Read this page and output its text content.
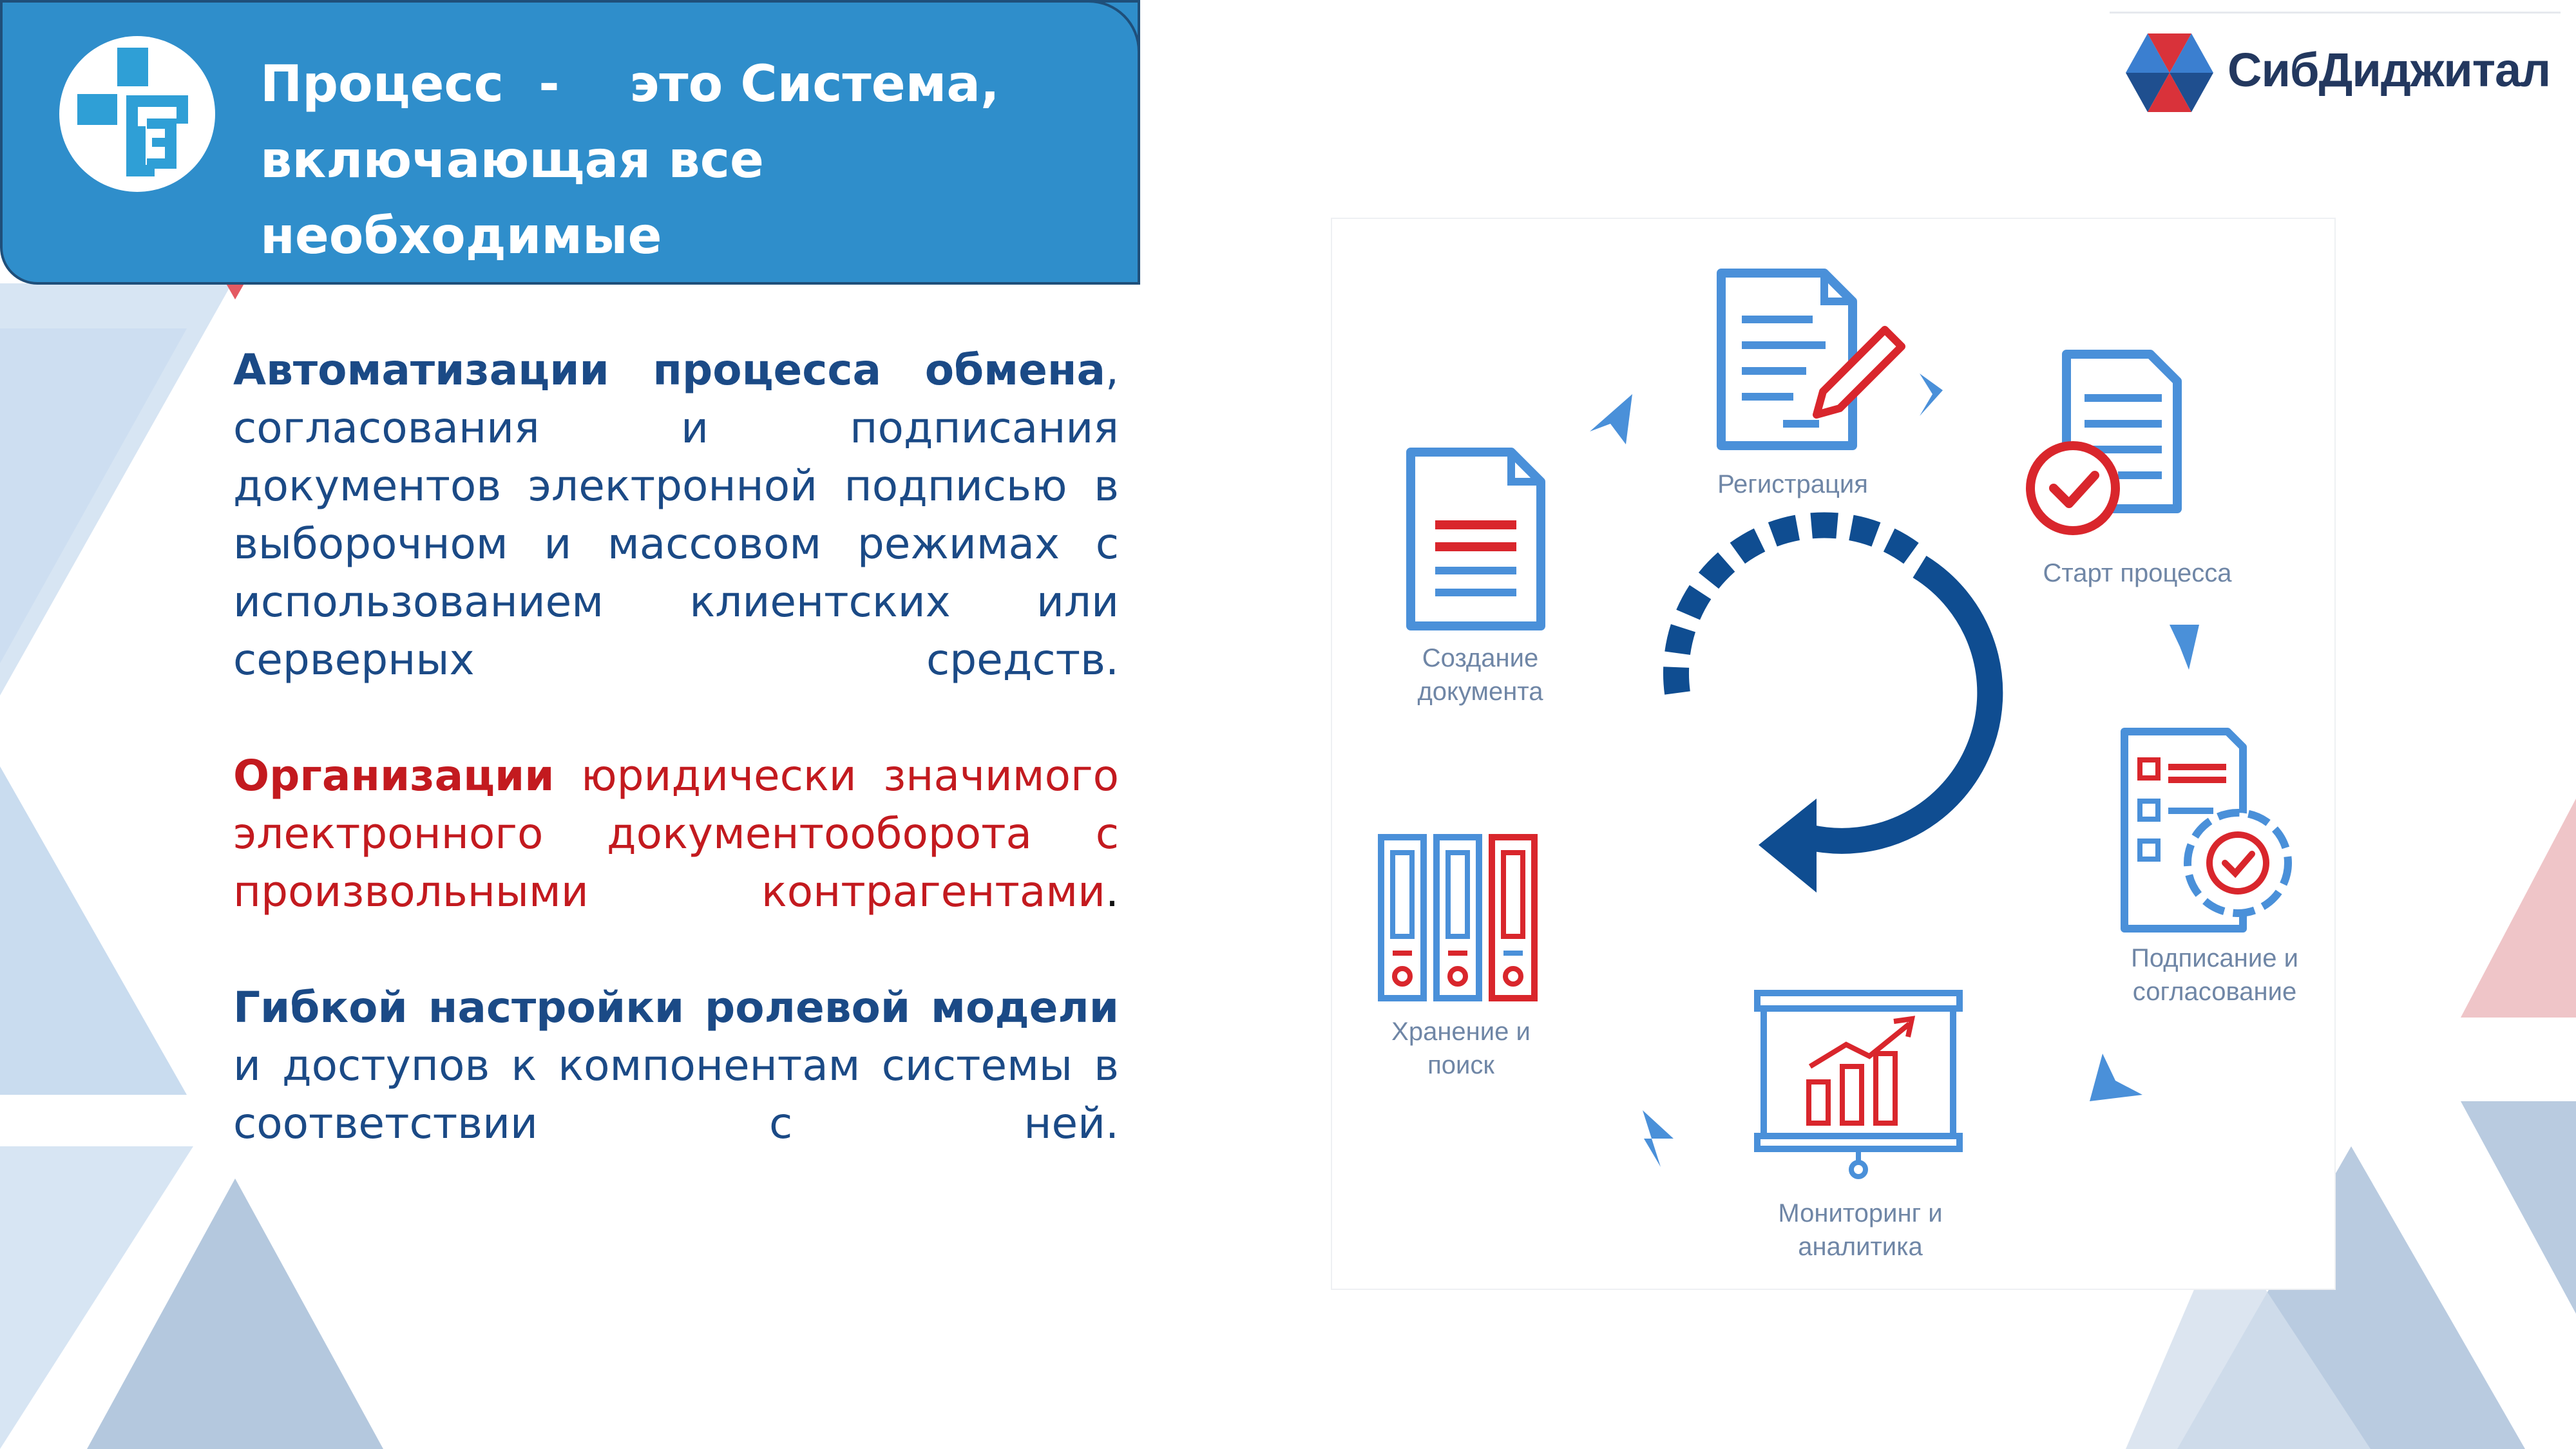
Процесс  -    это Система,
включающая все необходимые
компоненты для:
СибДиджитал
Автоматизации процесса обмена, согласования и подписания документов электронной подписью в выборочном и массовом режимах с использованием клиентских или серверных средств.
Организации юридически значимого электронного документооборота с произвольными контрагентами.
Гибкой настройки ролевой модели и доступов к компонентам системы в соответствии с ней.
Регистрация
Старт процесса
Создание
документа
Подписание и
согласование
Хранение и
поиск
Мониторинг и
аналитика
